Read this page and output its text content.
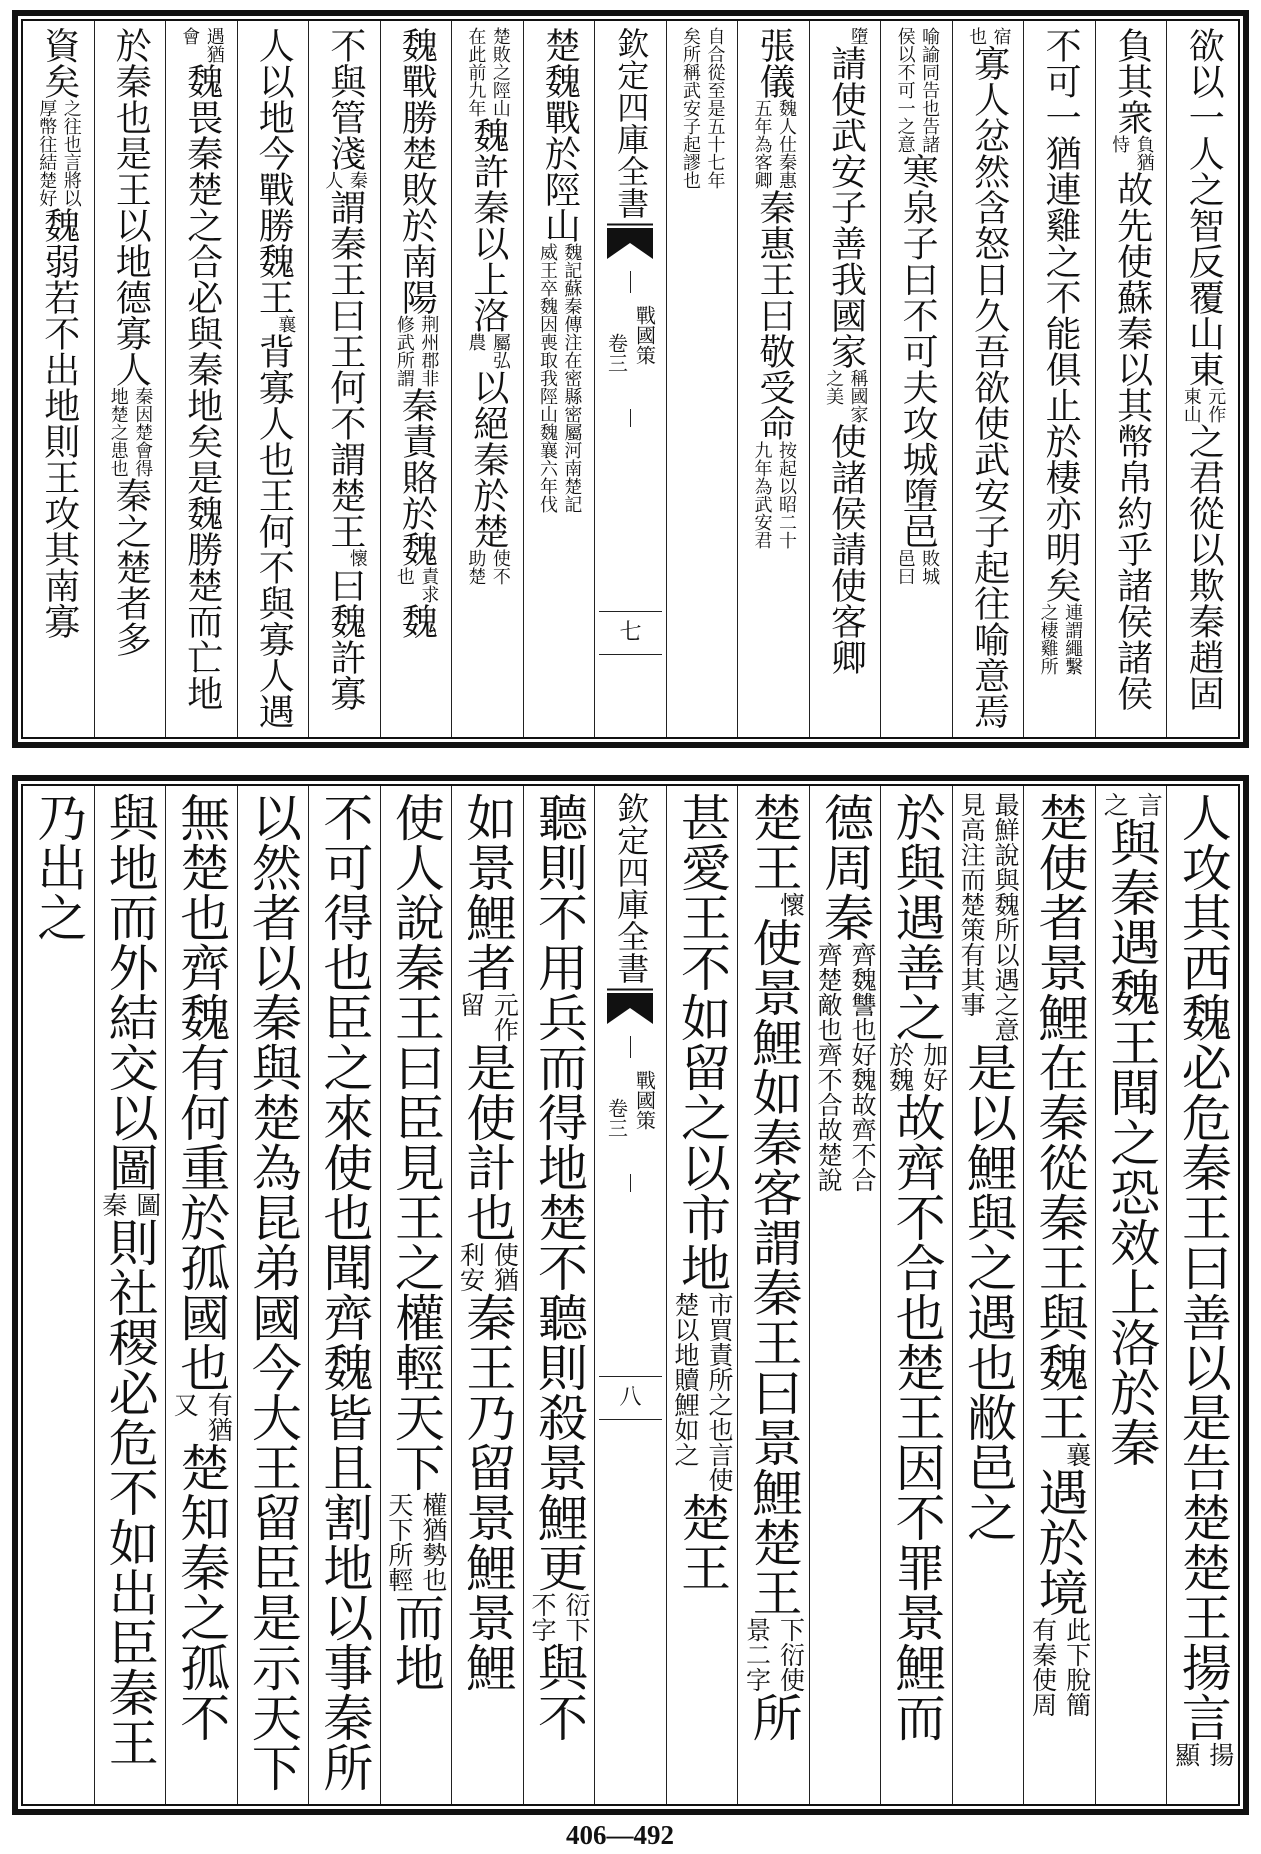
欲以一人之智反覆山東
元作
東山
之君從以欺秦趙固
負其衆
負猶
恃
故先使蘇秦以其幣帛約乎諸侯諸侯
不可一猶連雞之不能俱止於棲亦明矣
連謂繩繫
之棲雞所
宿
也
寡人忿然含怒日久吾欲使武安子起往喻意焉
喻諭同告也告諸
侯以不可一之意
寒泉子曰不可夫攻城墮邑
敗城
邑曰
墮
請使武安子善我國家
稱國家
之美
使諸侯請使客卿
張儀
魏人仕秦惠
五年為客卿
秦惠王曰敬受命
按起以昭二十
九年為武安君
自合從至是五十七年
矣所稱武安子起謬也
欽定四庫全書
戰國策
卷三
七
楚魏戰於陘山
魏記蘇秦傳注在密縣密屬河南楚記
威王卒魏因喪取我陘山魏襄六年伐
楚敗之陘山
在此前九年
魏許秦以上洛
屬弘
農
以絕秦於楚
使不
助楚
魏戰勝楚敗於南陽
荆州郡非
修武所謂
秦責賂於魏
責求
也
魏
不與管淺
秦
人
謂秦王曰王何不謂楚王
懷
曰魏許寡
人以地今戰勝魏王
襄
背寡人也王何不與寡人遇
遇猶
會
魏畏秦楚之合必與秦地矣是魏勝楚而亡地
於秦也是王以地德寡人
秦因楚會得
地楚之患也
秦之楚者多
資矣
之往也言將以
厚幣往結楚好
魏弱若不出地則王攻其南寡
人攻其西魏必危秦王曰善以是告楚楚王揚言
揚
顯
言
之
與秦遇魏王聞之恐效上洛於秦
楚使者景鯉在秦從秦王與魏王
襄
遇於境
此下脫簡
有秦使周
最鮮說與魏所以遇之意
見高注而楚策有其事
是以鯉與之遇也敝邑之
於與遇善之
加好
於魏
故齊不合也楚王因不罪景鯉而
德周秦
齊魏讐也好魏故齊不合
齊楚敵也齊不合故楚說
楚王
懷
使景鯉如秦客謂秦王曰景鯉楚王
下衍使
景二字
所
甚愛王不如留之以市地
市買責所之也言使
楚以地贖鯉如之
楚王
欽定四庫全書
戰國策
卷三
八
聽則不用兵而得地楚不聽則殺景鯉更
衍下
不字
與不
如景鯉者
元作
留
是使計也
使猶
利安
秦王乃留景鯉景鯉
使人說秦王曰臣見王之權輕天下
權猶勢也
天下所輕
而地
不可得也臣之來使也聞齊魏皆且割地以事秦所
以然者以秦與楚為昆弟國今大王留臣是示天下
無楚也齊魏有何重於孤國也
有猶
又
楚知秦之孤不
與地而外結交以圖
圖
秦
則社稷必危不如出臣秦王
乃出之
406—492
